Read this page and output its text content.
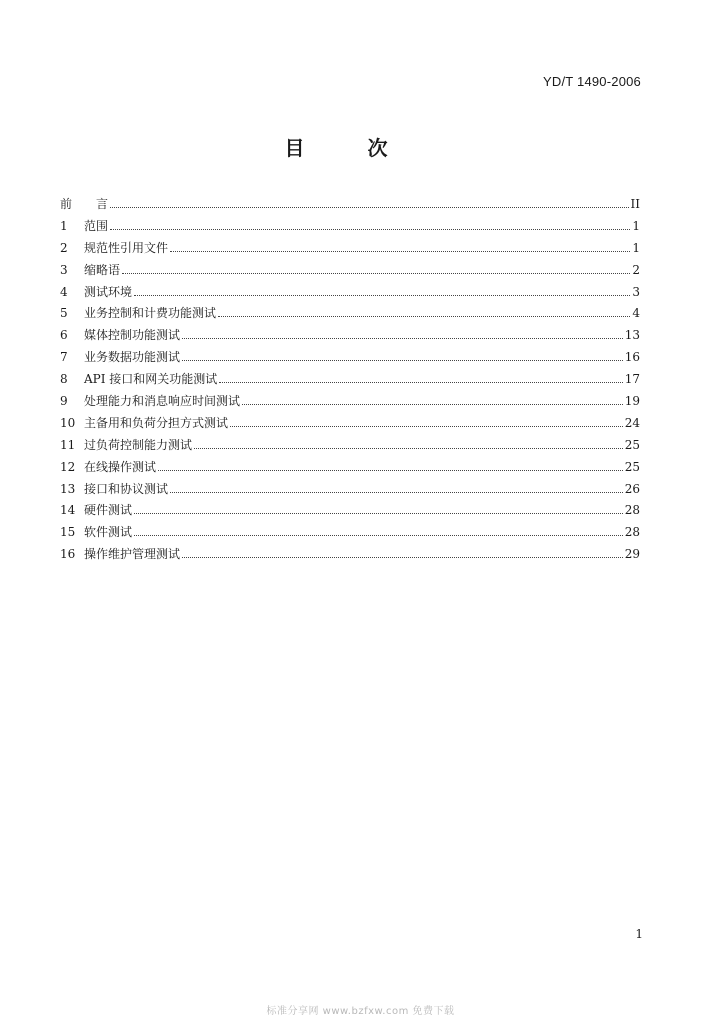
YD/T 1490-2006
目 次
前	言	II
1	范围	1
2	规范性引用文件	1
3	缩略语	2
4	测试环境	3
5	业务控制和计费功能测试	4
6	媒体控制功能测试	13
7	业务数据功能测试	16
8	API 接口和网关功能测试	17
9	处理能力和消息响应时间测试	19
10 主备用和负荷分担方式测试	24
11 过负荷控制能力测试	25
12 在线操作测试	25
13 接口和协议测试	26
14 硬件测试	28
15 软件测试	28
16 操作维护管理测试	29
1
标准分享网 www.bzfxw.com 免费下载
